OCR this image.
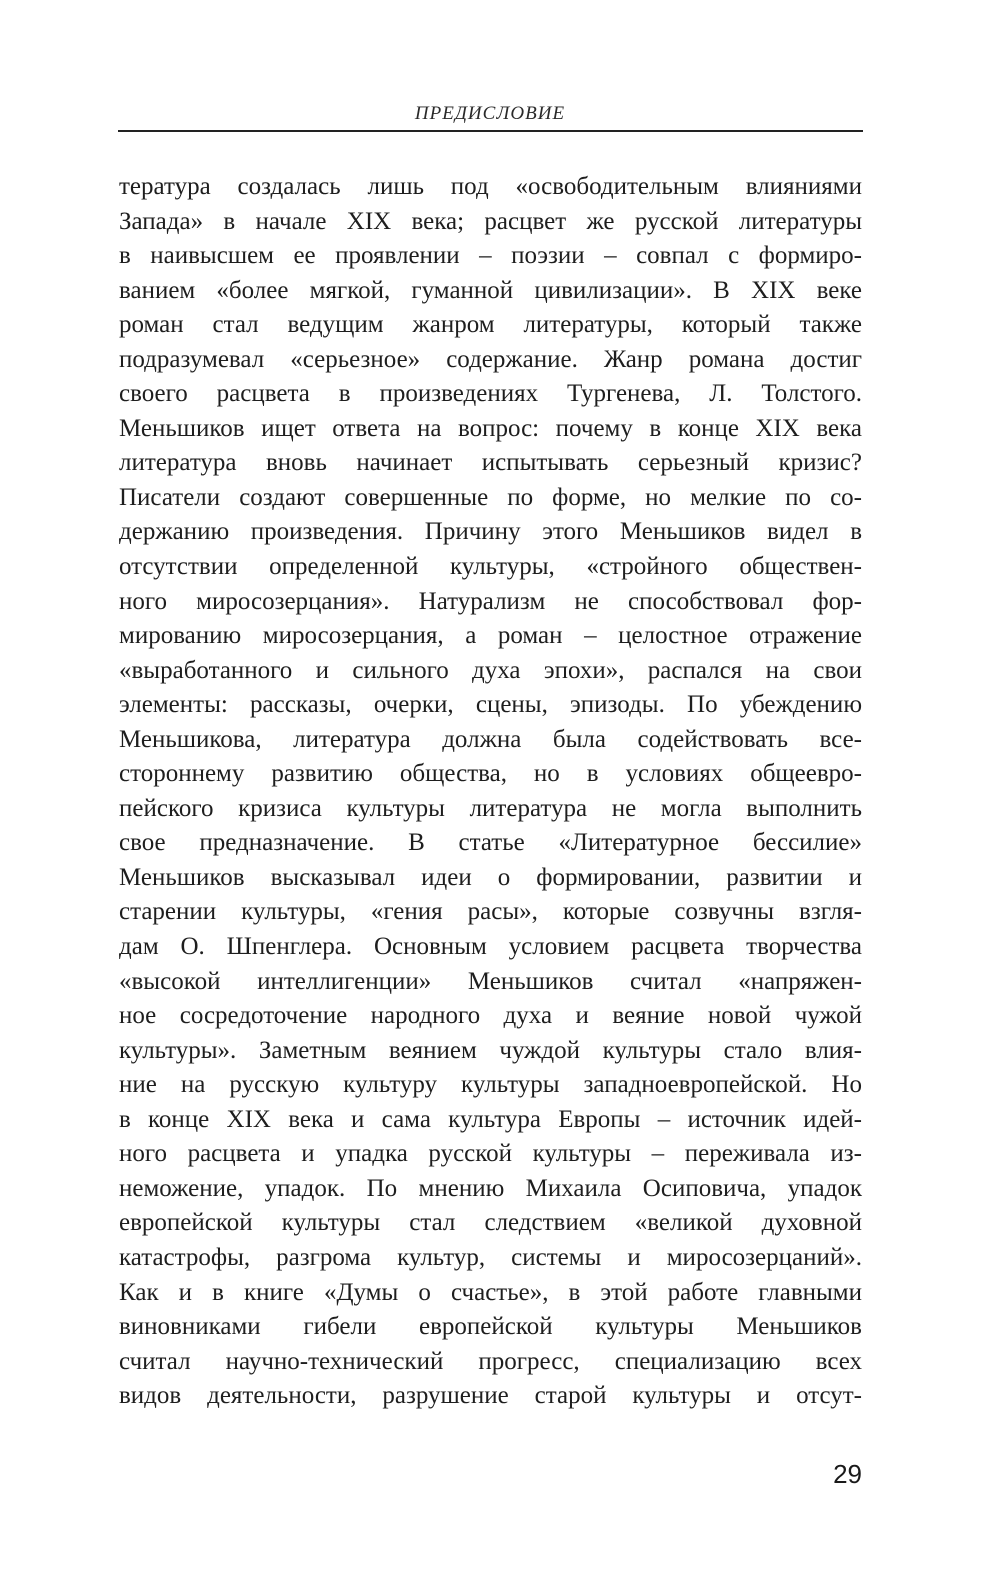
ПРЕДИСЛОВИЕ
тература создалась лишь под «освободительным влияниями
Запада» в начале XIX века; расцвет же русской литературы
в наивысшем ее проявлении – поэзии – совпал с формиро-
ванием «более мягкой, гуманной цивилизации». В XIX веке
роман стал ведущим жанром литературы, который также
подразумевал «серьезное» содержание. Жанр романа достиг
своего расцвета в произведениях Тургенева, Л. Толстого.
Меньшиков ищет ответа на вопрос: почему в конце XIX века
литература вновь начинает испытывать серьезный кризис?
Писатели создают совершенные по форме, но мелкие по со-
держанию произведения. Причину этого Меньшиков видел в
отсутствии определенной культуры, «стройного обществен-
ного миросозерцания». Натурализм не способствовал фор-
мированию миросозерцания, а роман – целостное отражение
«выработанного и сильного духа эпохи», распался на свои
элементы: рассказы, очерки, сцены, эпизоды. По убеждению
Меньшикова, литература должна была содействовать все-
стороннему развитию общества, но в условиях общеевро-
пейского кризиса культуры литература не могла выполнить
свое предназначение. В статье «Литературное бессилие»
Меньшиков высказывал идеи о формировании, развитии и
старении культуры, «гения расы», которые созвучны взгля-
дам О. Шпенглера. Основным условием расцвета творчества
«высокой интеллигенции» Меньшиков считал «напряжен-
ное сосредоточение народного духа и веяние новой чужой
культуры». Заметным веянием чуждой культуры стало влия-
ние на русскую культуру культуры западноевропейской. Но
в конце XIX века и сама культура Европы – источник идей-
ного расцвета и упадка русской культуры – переживала из-
неможение, упадок. По мнению Михаила Осиповича, упадок
европейской культуры стал следствием «великой духовной
катастрофы, разгрома культур, системы и миросозерцаний».
Как и в книге «Думы о счастье», в этой работе главными
виновниками гибели европейской культуры Меньшиков
считал научно-технический прогресс, специализацию всех
видов деятельности, разрушение старой культуры и отсут-
29
